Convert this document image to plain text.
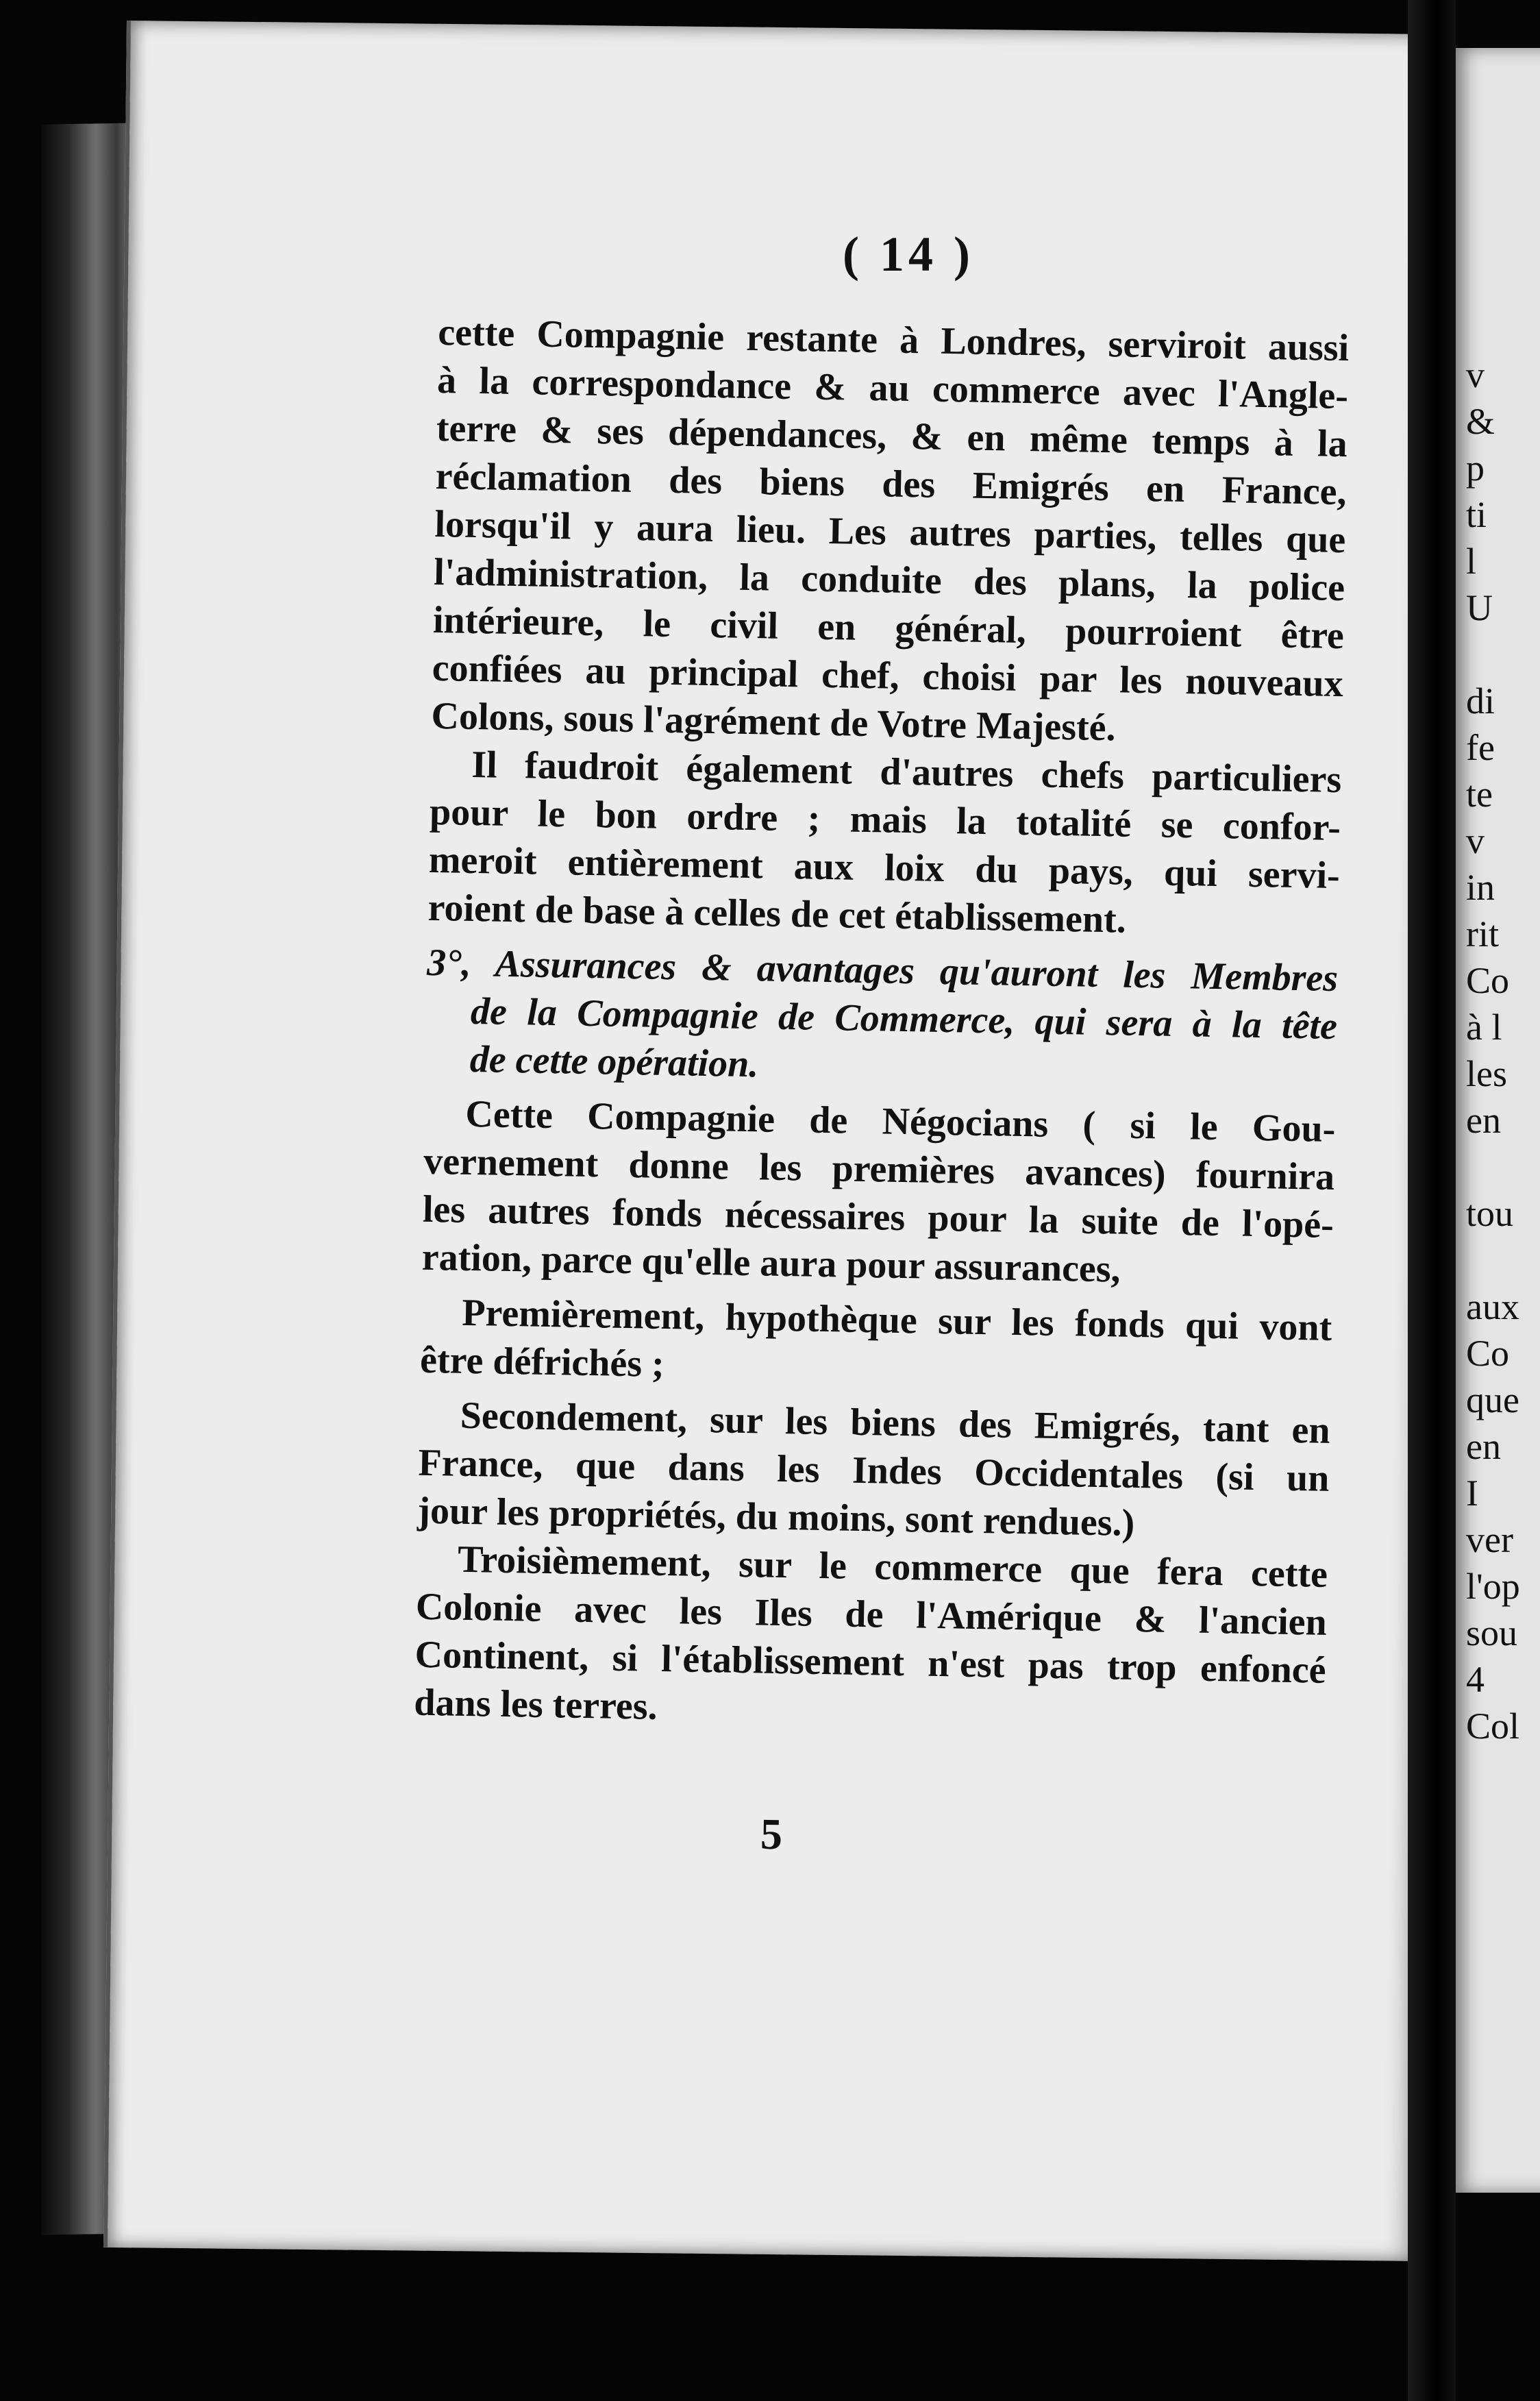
v
&
p
ti
l
U
di
fe
te
v
in
rit
Co
à l
les
en
tou
aux
Co
que
en
I
ver
l'op
sou
4
Col
( 14 )
cette Compagnie restante à Londres, serviroit aussi
à la correspondance & au commerce avec l'Angle-
terre & ses dépendances, & en même temps à la
réclamation des biens des Emigrés en France,
lorsqu'il y aura lieu. Les autres parties, telles que
l'administration, la conduite des plans, la police
intérieure, le civil en général, pourroient être
confiées au principal chef, choisi par les nouveaux
Colons, sous l'agrément de Votre Majesté.
Il faudroit également d'autres chefs particuliers
pour le bon ordre ; mais la totalité se confor-
meroit entièrement aux loix du pays, qui servi-
roient de base à celles de cet établissement.
3°, Assurances & avantages qu'auront les Membres
de la Compagnie de Commerce, qui sera à la tête
de cette opération.
Cette Compagnie de Négocians ( si le Gou-
vernement donne les premières avances) fournira
les autres fonds nécessaires pour la suite de l'opé-
ration, parce qu'elle aura pour assurances,
Premièrement, hypothèque sur les fonds qui vont
être défrichés ;
Secondement, sur les biens des Emigrés, tant en
France, que dans les Indes Occidentales (si un
jour les propriétés, du moins, sont rendues.)
Troisièmement, sur le commerce que fera cette
Colonie avec les Iles de l'Amérique & l'ancien
Continent, si l'établissement n'est pas trop enfoncé
dans les terres.
5
